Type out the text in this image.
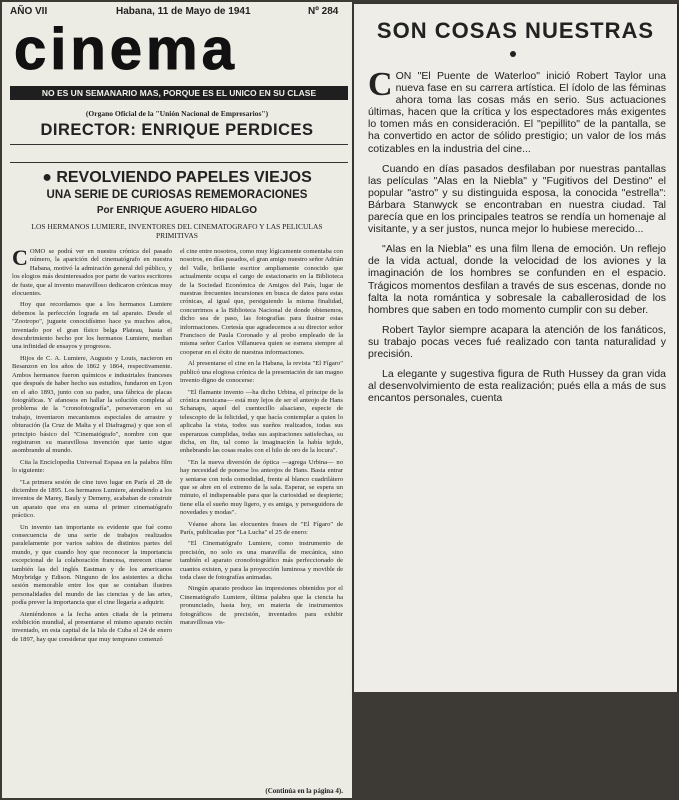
AÑO VII	Habana, 11 de Mayo de 1941	Nº 284
cinema
NO ES UN SEMANARIO MAS, PORQUE ES EL UNICO EN SU CLASE
(Organo Oficial de la "Unión Nacional de Empresarios")
DIRECTOR: ENRIQUE PERDICES
● REVOLVIENDO PAPELES VIEJOS
UNA SERIE DE CURIOSAS REMEMORACIONES
Por ENRIQUE AGUERO HIDALGO
LOS HERMANOS LUMIERE, INVENTORES DEL CINEMATOGRAFO Y LAS PELICULAS PRIMITIVAS

COMO se podrá ver en nuestra crónica del pasado número, la aparición del cinematógrafo en nuestra Habana, motivó la admiración general del público, y los elogios más desinteresados por parte de varios escritores de fuste, que al invento maravilloso dedicaron crónicas muy elocuentes.

Hoy que recordamos que a los hermanos Lumiere debemos la perfección lograda en tal aparato. Desde el "Zootropo", juguete conocidísimo hace ya muchos años, inventado por el gran físico belga Plateau, hasta el descubrimiento hecho por los hermanos Lumiere, median una infinidad de ensayos y progresos.

Hijos de C. A. Lumiere, Augusto y Louis, nacieron en Besanzon en los años de 1862 y 1864, respectivamente. Ambos hermanos fueron químicos e industriales franceses que después de haber hecho sus estudios, fundaron en Lyon en el año 1893, junto con su padre, una fábrica de placas fotográficas. Y afanosos en hallar la solución completa al problema de la "cronofotografía", perseveraron en su trabajo, inventaron mecanismos especiales de arrastre y obturación (la Cruz de Malta y el Diafragma) y que son el principio básico del "Cinematógrafo", nombre con que registraron su maravillosa invención que tanto sigue asombrando al mundo.

Cita la Enciclopedia Universal Espasa en la palabra film lo siguiente:

"La primera sesión de cine tuvo lugar en París el 28 de diciembre de 1895. Los hermanos Lumiere, atendiendo a los inventos de Marey, Bauly y Demeny, acababan de construir un aparato que era en suma el primer cinematógrafo práctico.

Un invento tan importante es evidente que fué como consecuencia de una serie de trabajos realizados paralelamente por varios sabios de distintos partes del mundo, y que cuando hoy que reconocer la importancia excepcional de la colaboración francesa, merecen citarse también las del inglés Eastman y de los americanos Muybridge y Edison. Ninguno de los asistentes a dicha sesión memorable entre los que se contaban ilustres personalidades del mundo de las ciencias y de las artes, podía prever la importancia que el cine llegaría a adquirir.

Ateniéndonos a la fecha antes citada de la primera exhibición mundial, al presentarse el mismo aparato recién inventado, en esta capital de la Isla de Cuba el 24 de enero de 1897, hay que considerar que muy temprano comenzó

el cine entre nosotros, como muy lógicamente comentaba con nosotros, en días pasados, el gran amigo nuestro señor Adrián del Valle, brillante escritor ampliamente conocido que actualmente ocupa el cargo de estacionario en la Biblioteca de la Sociedad Económica de Amigos del País, lugar de nuestras frecuentes incursiones en busca de datos para estas crónicas, al igual que, persiguiendo la misma finalidad, concurrimos a la Biblioteca Nacional de donde obtenemos, dicho sea de paso, las fotografías para ilustrar estas informaciones. Cortesía que agradecemos a su director señor Francisco de Paula Coronado y al probo empleado de la misma señor Carlos Villanueva quien se esmera siempre al cooperar en el éxito de nuestras informaciones.

Al presentarse el cine en la Habana, la revista "El Fígaro" publicó una elogiosa crónica de la presentación de tan magno invento digno de conocerse:

"El flamante invento —ha dicho Urbina, el príncipe de la crónica mexicana— está muy lejos de ser el anteojo de Hans Schanaps, aquel del cuentecillo alsaciano, especie de telescopio de la felicidad, y que hacía contemplar a quien lo aplicaba la vista, todos sus sueños realizados, todas sus esperanzas cumplidas, todas sus aspiraciones satisfechas, su dicha, en fin, tal como la imaginación la había tejido, enhebrando las cosas reales con el hilo de oro de la locura".

"En la nueva diversión de óptica —agrega Urbina— no hay necesidad de ponerse los anteojos de Hans. Basta entrar y sentarse con toda comodidad, frente al blanco cuadrilátero que se abre en el extremo de la sala. Esperar, se espera un minuto, el indispensable para que la curiosidad se despierte; tiene ella el sueño muy ligero, y es amiga, y perseguidora de novedades y modas".

Véanse ahora las elocuentes frases de "El Fígaro" de París, publicadas por "La Lucha" el 25 de enero:

"El Cinematógrafo Lumiere, como instrumento de precisión, no solo es una maravilla de mecánica, sino también el aparato cronofotográfico más perfeccionado de cuantos existen, y para la proyección luminosa y movible de toda clase de fotografías animadas.

Ningún aparato produce las impresiones obtenidos por el Cinematógrafo Lumiere, última palabra que la ciencia ha pronunciado, hasta hoy, en materia de instrumentos fotográficos de precisión, inventados para exhibir maravillosas vis-

(Continúa en la página 4).
SON COSAS NUESTRAS

CON "El Puente de Waterloo" inició Robert Taylor una nueva fase en su carrera artística. El ídolo de las féminas ahora toma las cosas más en serio. Sus actuaciones últimas, hacen que la crítica y los espectadores más exigentes lo tomen más en consideración. El "pepillito" de la pantalla, se ha convertido en actor de sólido prestigio; un valor de los más cotizables en la industria del cine...

Cuando en días pasados desfilaban por nuestras pantallas las películas "Alas en la Niebla" y "Fugitivos del Destino" el popular "astro" y su distinguida esposa, la conocida "estrella": Bárbara Stanwyck se encontraban en nuestra ciudad. Tal parecía que en los principales teatros se rendía un homenaje al visitante, y a ser justos, nunca mejor lo hubiese merecido...

"Alas en la Niebla" es una film llena de emoción. Un reflejo de la vida actual, donde la velocidad de los aviones y la imaginación de los hombres se confunden en el espacio. Trágicos momentos desfilan a través de sus escenas, donde no falta la nota romántica y sobresale la caballerosidad de los hombres que saben en todo momento cumplir con su deber.

Robert Taylor siempre acapara la atención de los fanáticos, su trabajo pocas veces fué realizado con tanta naturalidad y precisión.

La elegante y sugestiva figura de Ruth Hussey da gran vida al desenvolvimiento de esta realización; pués ella a más de sus encantos personales, cuenta
